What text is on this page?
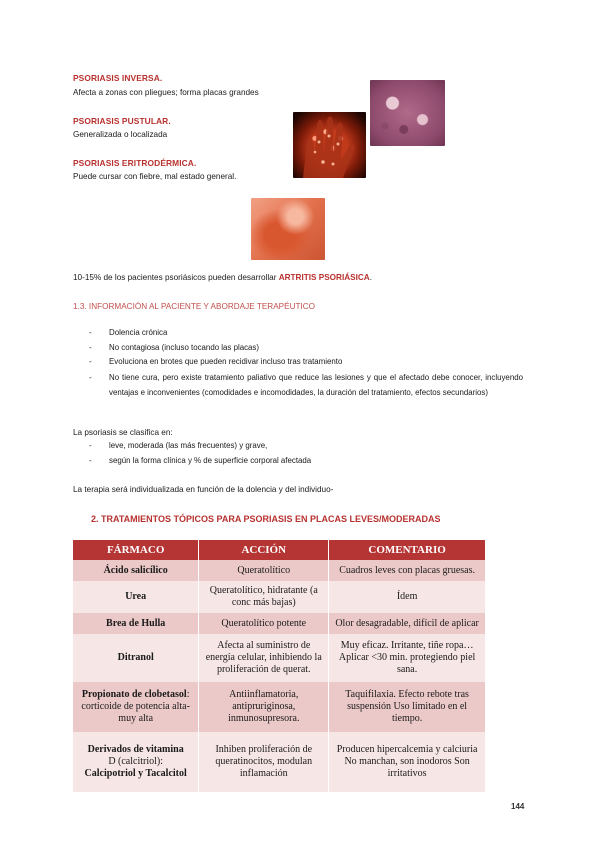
PSORIASIS INVERSA.
Afecta a zonas con pliegues; forma placas grandes
PSORIASIS PUSTULAR.
Generalizada o localizada
PSORIASIS ERITRODÉRMICA.
Puede cursar con fiebre, mal estado general.
10-15% de los pacientes psoriásicos pueden desarrollar ARTRITIS PSORIÁSICA.
1.3. INFORMACIÓN AL PACIENTE Y ABORDAJE TERAPÉUTICO
- Dolencia crónica
- No contagiosa (incluso tocando las placas)
- Evoluciona en brotes que pueden recidivar incluso tras tratamiento
- No tiene cura, pero existe tratamiento paliativo que reduce las lesiones y que el afectado debe conocer, incluyendo ventajas e inconvenientes (comodidades e incomodidades, la duración del tratamiento, efectos secundarios)
La psoriasis se clasifica en:
- leve, moderada (las más frecuentes) y grave,
- según la forma clínica y % de superficie corporal afectada
La terapia será individualizada en función de la dolencia y del individuo-
2. TRATAMIENTOS TÓPICOS PARA PSORIASIS EN PLACAS LEVES/MODERADAS
FÁRMACO	ACCIÓN	COMENTARIO
Ácido salicílico	Queratolítico	Cuadros leves con placas gruesas.
Urea	Queratolítico, hidratante (a conc más bajas)	Ídem
Brea de Hulla	Queratolítico potente	Olor desagradable, difícil de aplicar
Ditranol	Afecta al suministro de energía celular, inhibiendo la proliferación de querat.	Muy eficaz. Irritante, tiñe ropa… Aplicar <30 min. protegiendo piel sana.
Propionato de clobetasol: corticoide de potencia alta-muy alta	Antiinflamatoria, antipruriginosa, inmunosupresora.	Taquifilaxia. Efecto rebote tras suspensión Uso limitado en el tiempo.

Derivados de vitamina
D (calcitriol):
Calcipotriol y Tacalcitol	Inhiben proliferación de queratinocitos, modulan inflamación	Producen hipercalcemia y calciuria No manchan, son inodoros Son irritativos
144
